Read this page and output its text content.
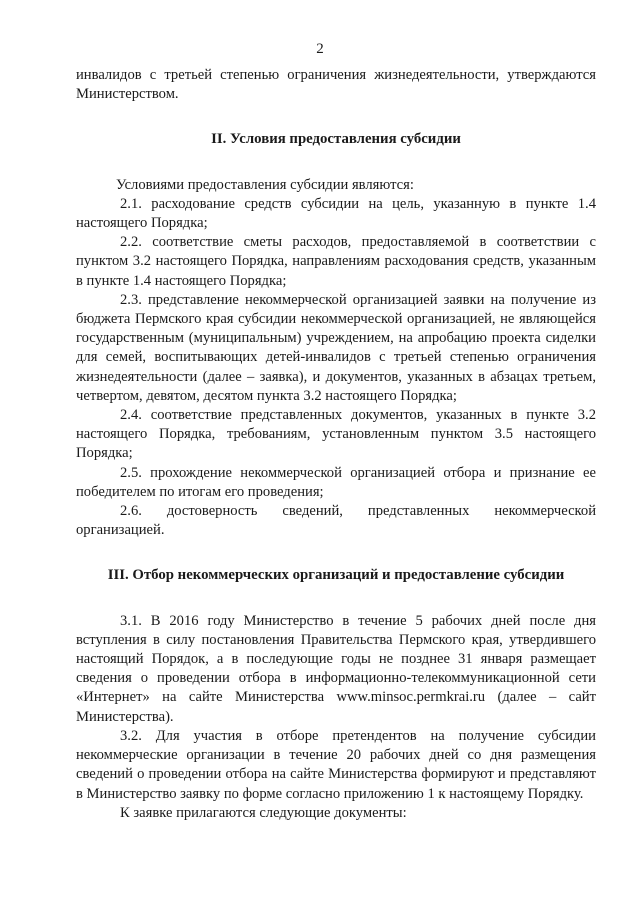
2

инвалидов с третьей степенью ограничения жизнедеятельности, утверждаются Министерством.

II. Условия предоставления субсидии

Условиями предоставления субсидии являются:

2.1. расходование средств субсидии на цель, указанную в пункте 1.4 настоящего Порядка;

2.2. соответствие сметы расходов, предоставляемой в соответствии с пунктом 3.2 настоящего Порядка, направлениям расходования средств, указанным в пункте 1.4 настоящего Порядка;

2.3. представление некоммерческой организацией заявки на получение из бюджета Пермского края субсидии некоммерческой организацией, не являющейся государственным (муниципальным) учреждением, на апробацию проекта сиделки для семей, воспитывающих детей-инвалидов с третьей степенью ограничения жизнедеятельности (далее – заявка), и документов, указанных в абзацах третьем, четвертом, девятом, десятом пункта 3.2 настоящего Порядка;

2.4. соответствие представленных документов, указанных в пункте 3.2 настоящего Порядка, требованиям, установленным пунктом 3.5 настоящего Порядка;

2.5. прохождение некоммерческой организацией отбора и признание ее победителем по итогам его проведения;

2.6. достоверность сведений, представленных некоммерческой организацией.

III. Отбор некоммерческих организаций и предоставление субсидии

3.1. В 2016 году Министерство в течение 5 рабочих дней после дня вступления в силу постановления Правительства Пермского края, утвердившего настоящий Порядок, а в последующие годы не позднее 31 января размещает сведения о проведении отбора в информационно-телекоммуникационной сети «Интернет» на сайте Министерства www.minsoc.permkrai.ru (далее – сайт Министерства).

3.2. Для участия в отборе претендентов на получение субсидии некоммерческие организации в течение 20 рабочих дней со дня размещения сведений о проведении отбора на сайте Министерства формируют и представляют в Министерство заявку по форме согласно приложению 1 к настоящему Порядку.

К заявке прилагаются следующие документы:
